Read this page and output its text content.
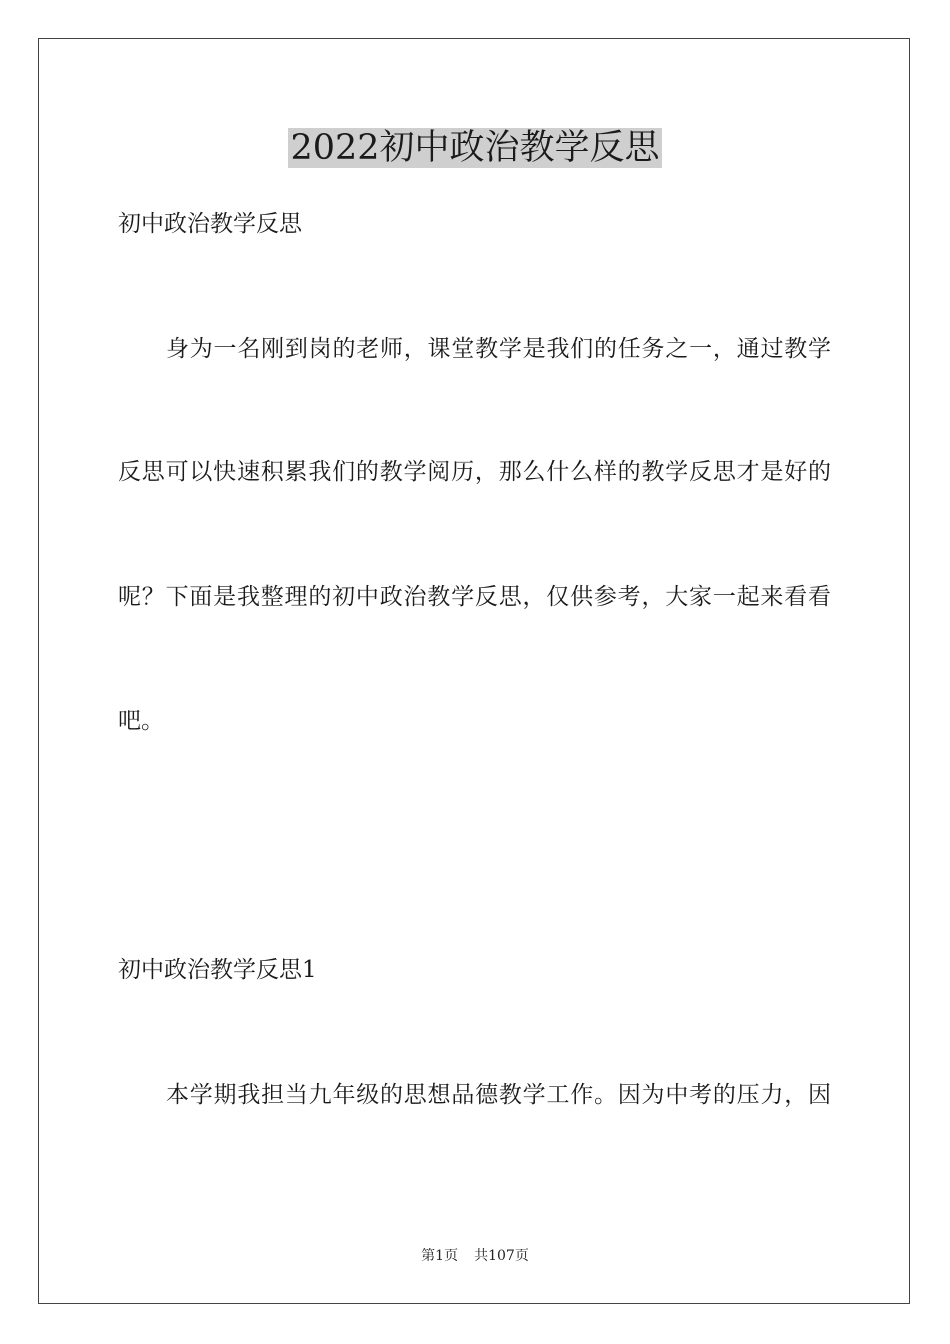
2022初中政治教学反思
初中政治教学反思
身为一名刚到岗的老师，课堂教学是我们的任务之一，通过教学
反思可以快速积累我们的教学阅历，那么什么样的教学反思才是好的
呢？下面是我整理的初中政治教学反思，仅供参考，大家一起来看看
吧。
初中政治教学反思1
本学期我担当九年级的思想品德教学工作。因为中考的压力，因
第1页 共107页
